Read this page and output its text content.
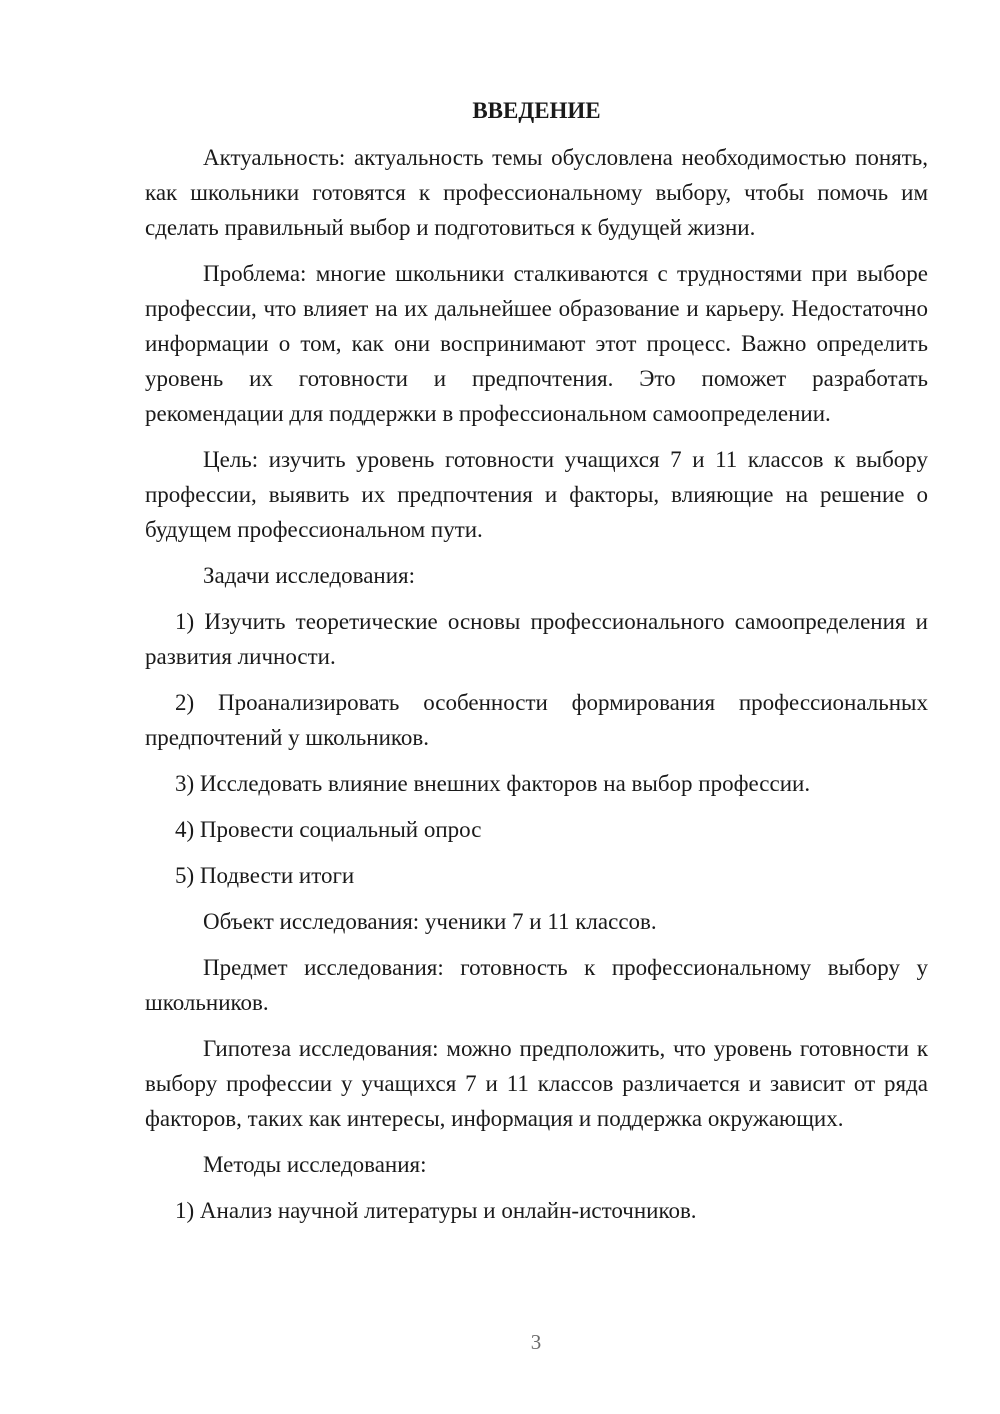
ВВЕДЕНИЕ

Актуальность: актуальность темы обусловлена необходимостью понять, как школьники готовятся к профессиональному выбору, чтобы помочь им сделать правильный выбор и подготовиться к будущей жизни.

Проблема: многие школьники сталкиваются с трудностями при выборе профессии, что влияет на их дальнейшее образование и карьеру. Недостаточно информации о том, как они воспринимают этот процесс. Важно определить уровень их готовности и предпочтения. Это поможет разработать рекомендации для поддержки в профессиональном самоопределении.

Цель: изучить уровень готовности учащихся 7 и 11 классов к выбору профессии, выявить их предпочтения и факторы, влияющие на решение о будущем профессиональном пути.

Задачи исследования:

1) Изучить теоретические основы профессионального самоопределения и развития личности.

2) Проанализировать особенности формирования профессиональных предпочтений у школьников.

3) Исследовать влияние внешних факторов на выбор профессии.

4) Провести социальный опрос

5) Подвести итоги

Объект исследования: ученики 7 и 11 классов.

Предмет исследования: готовность к профессиональному выбору у школьников.

Гипотеза исследования: можно предположить, что уровень готовности к выбору профессии у учащихся 7 и 11 классов различается и зависит от ряда факторов, таких как интересы, информация и поддержка окружающих.

Методы исследования:

1) Анализ научной литературы и онлайн-источников.

3
